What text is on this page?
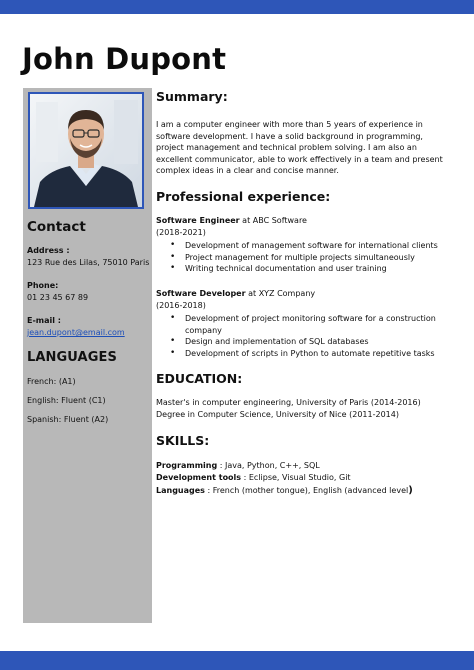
John Dupont
Contact
Address :
123 Rue des Lilas, 75010 Paris
Phone:
01 23 45 67 89
E-mail :
jean.dupont@email.com
LANGUAGES
French: (A1)
English: Fluent (C1)
Spanish: Fluent (A2)
Summary:
I am a computer engineer with more than 5 years of experience in software development. I have a solid background in programming, project management and technical problem solving. I am also an excellent communicator, able to work effectively in a team and present complex ideas in a clear and concise manner.
Professional experience:
Software Engineer at ABC Software
(2018-2021)
• Development of management software for international clients
• Project management for multiple projects simultaneously
• Writing technical documentation and user training
Software Developer at XYZ Company
(2016-2018)
• Development of project monitoring software for a construction company
• Design and implementation of SQL databases
• Development of scripts in Python to automate repetitive tasks
EDUCATION:
Master's in computer engineering, University of Paris (2014-2016)
Degree in Computer Science, University of Nice (2011-2014)
SKILLS:
Programming : Java, Python, C++, SQL
Development tools : Eclipse, Visual Studio, Git
Languages : French (mother tongue), English (advanced level)
